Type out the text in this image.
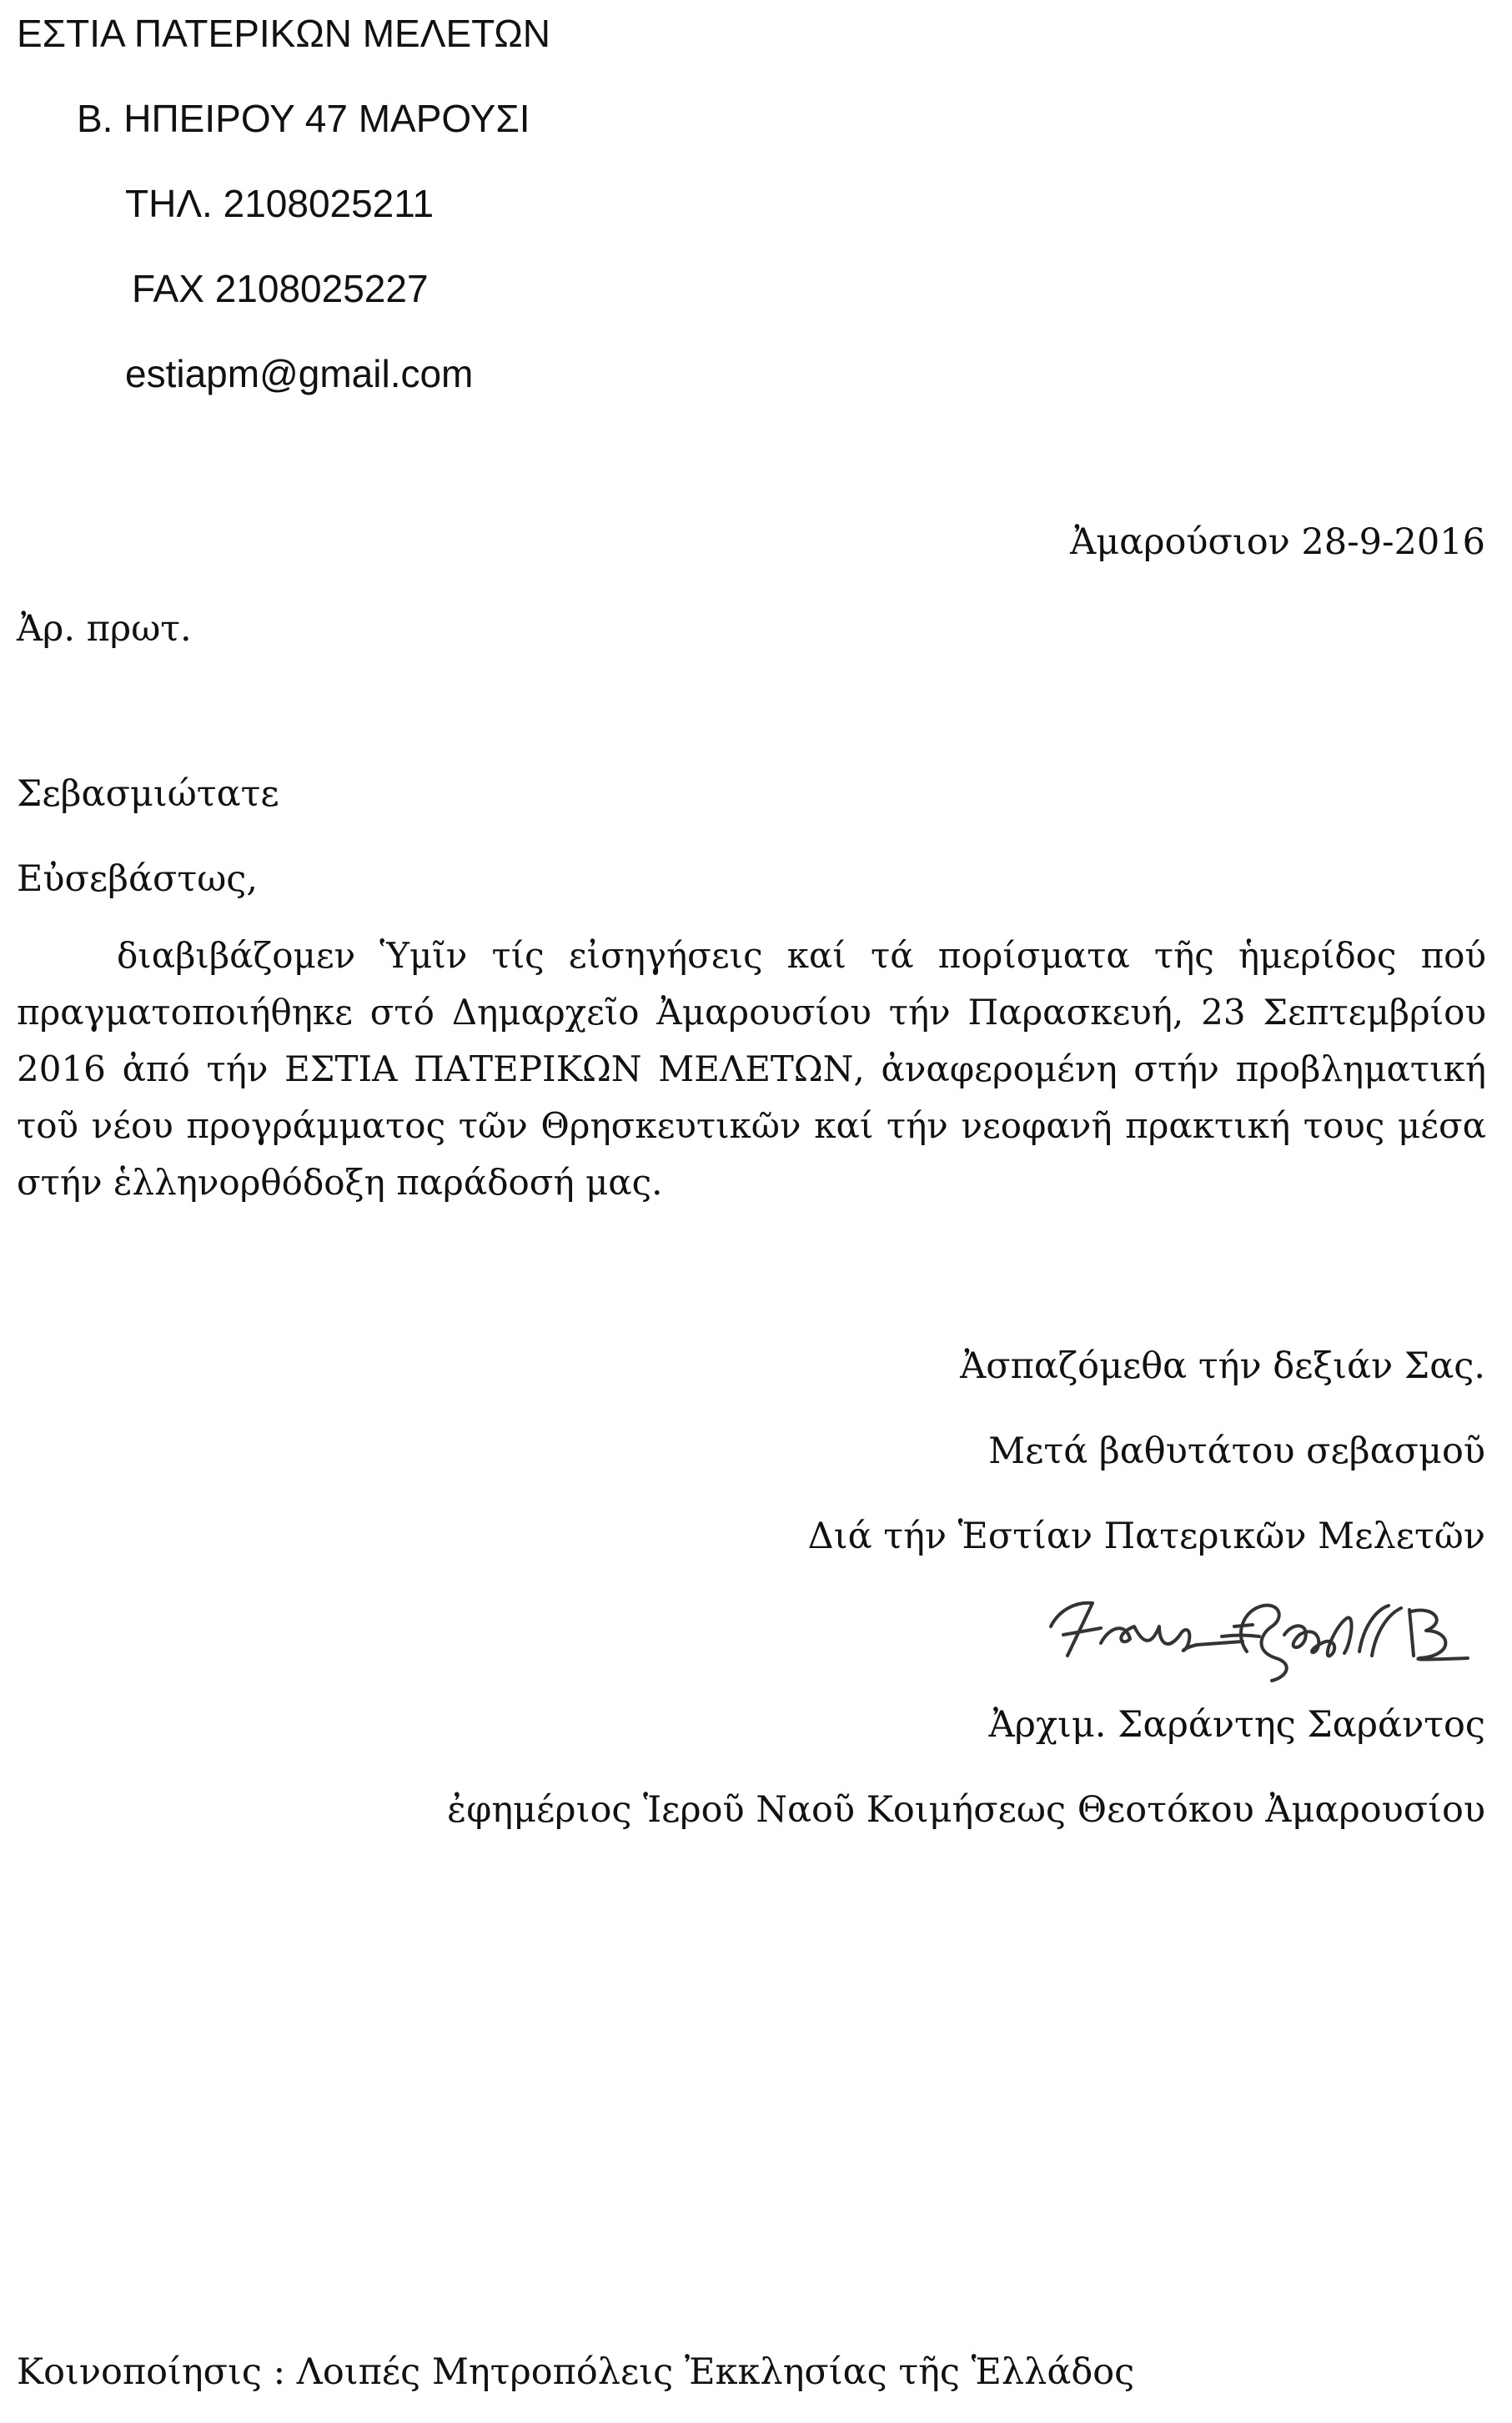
ΕΣΤΙΑ ΠΑΤΕΡΙΚΩΝ ΜΕΛΕΤΩΝ
Β. ΗΠΕΙΡΟΥ 47 ΜΑΡΟΥΣΙ
ΤΗΛ. 2108025211
FAX 2108025227
estiapm@gmail.com
Ἀμαρούσιον 28-9-2016
Ἀρ. πρωτ.
Σεβασμιώτατε
Εὐσεβάστως,
διαβιβάζομεν Ὑμῖν τίς εἰσηγήσεις καί τά πορίσματα τῆς ἡμερίδος πού πραγματοποιήθηκε στό Δημαρχεῖο Ἀμαρουσίου τήν Παρασκευή, 23 Σεπτεμβρίου 2016 ἀπό τήν ΕΣΤΙΑ ΠΑΤΕΡΙΚΩΝ ΜΕΛΕΤΩΝ, ἀναφερομένη στήν προβληματική τοῦ νέου προγράμματος τῶν Θρησκευτικῶν καί τήν νεοφανῆ πρακτική τους μέσα στήν ἑλληνορθόδοξη παράδοσή μας.
Ἀσπαζόμεθα τήν δεξιάν Σας.
Μετά βαθυτάτου σεβασμοῦ
Διά τήν Ἑστίαν Πατερικῶν Μελετῶν
Ἀρχιμ. Σαράντης Σαράντος
ἐφημέριος Ἱεροῦ Ναοῦ Κοιμήσεως Θεοτόκου Ἀμαρουσίου
Κοινοποίησις : Λοιπές Μητροπόλεις Ἐκκλησίας τῆς Ἑλλάδος
